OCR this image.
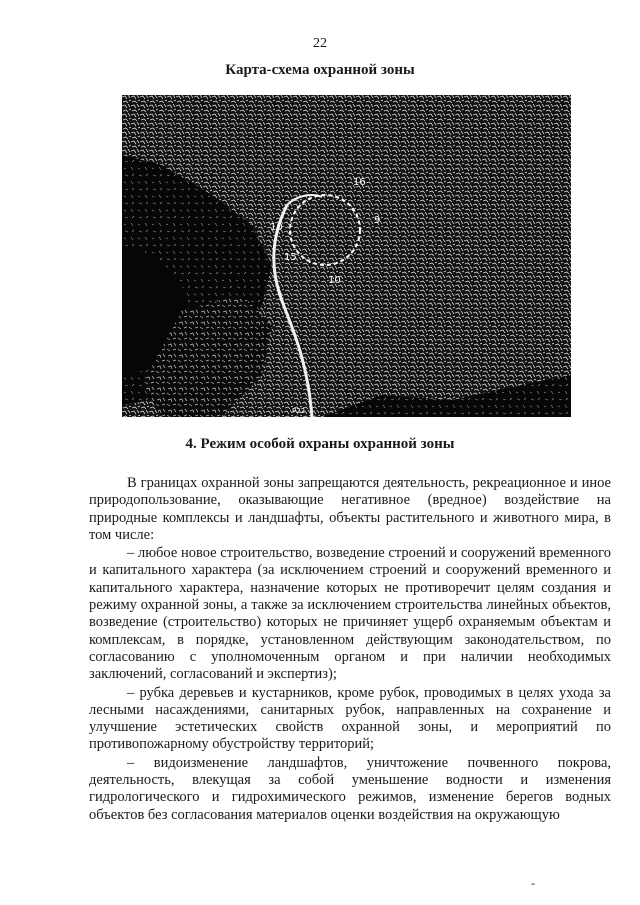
22
Карта-схема охранной зоны
10
15
16
9
10
Р22
4. Режим особой охраны охранной зоны

В границах охранной зоны запрещаются деятельность, рекреационное и иное природопользование, оказывающие негативное (вредное) воздействие на природные комплексы и ландшафты, объекты растительного и животного мира, в том числе:

– любое новое строительство, возведение строений и сооружений временного и капитального характера (за исключением строений и сооружений временного и капитального характера, назначение которых не противоречит целям создания и режиму охранной зоны, а также за исключением строительства линейных объектов, возведение (строительство) которых не причиняет ущерб охраняемым объектам и комплексам, в порядке, установленном действующим законодательством, по согласованию с уполномоченным органом и при наличии необходимых заключений, согласований и экспертиз);

– рубка деревьев и кустарников, кроме рубок, проводимых в целях ухода за лесными насаждениями, санитарных рубок, направленных на сохранение и улучшение эстетических свойств охранной зоны, и мероприятий по противопожарному обустройству территорий;

– видоизменение ландшафтов, уничтожение почвенного покрова, деятельность, влекущая за собой уменьшение водности и изменения гидрологического и гидрохимического режимов, изменение берегов водных объектов без согласования материалов оценки воздействия на окружающую

-
